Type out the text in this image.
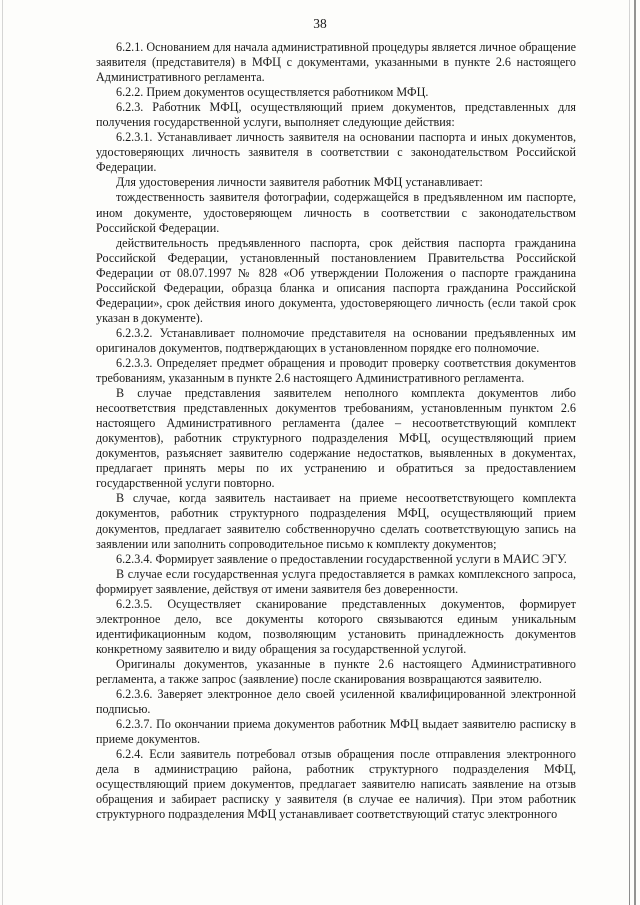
38

6.2.1. Основанием для начала административной процедуры является личное обращение заявителя (представителя) в МФЦ с документами, указанными в пункте 2.6 настоящего Административного регламента.

6.2.2. Прием документов осуществляется работником МФЦ.

6.2.3. Работник МФЦ, осуществляющий прием документов, представленных для получения государственной услуги, выполняет следующие действия:

6.2.3.1. Устанавливает личность заявителя на основании паспорта и иных документов, удостоверяющих личность заявителя в соответствии с законодательством Российской Федерации.

Для удостоверения личности заявителя работник МФЦ устанавливает:

тождественность заявителя фотографии, содержащейся в предъявленном им паспорте, ином документе, удостоверяющем личность в соответствии с законодательством Российской Федерации.

действительность предъявленного паспорта, срок действия паспорта гражданина Российской Федерации, установленный постановлением Правительства Российской Федерации от 08.07.1997 № 828 «Об утверждении Положения о паспорте гражданина Российской Федерации, образца бланка и описания паспорта гражданина Российской Федерации», срок действия иного документа, удостоверяющего личность (если такой срок указан в документе).

6.2.3.2. Устанавливает полномочие представителя на основании предъявленных им оригиналов документов, подтверждающих в установленном порядке его полномочие.

6.2.3.3. Определяет предмет обращения и проводит проверку соответствия документов требованиям, указанным в пункте 2.6 настоящего Административного регламента.

В случае представления заявителем неполного комплекта документов либо несоответствия представленных документов требованиям, установленным пунктом 2.6 настоящего Административного регламента (далее – несоответствующий комплект документов), работник структурного подразделения МФЦ, осуществляющий прием документов, разъясняет заявителю содержание недостатков, выявленных в документах, предлагает принять меры по их устранению и обратиться за предоставлением государственной услуги повторно.

В случае, когда заявитель настаивает на приеме несоответствующего комплекта документов, работник структурного подразделения МФЦ, осуществляющий прием документов, предлагает заявителю собственноручно сделать соответствующую запись на заявлении или заполнить сопроводительное письмо к комплекту документов;

6.2.3.4. Формирует заявление о предоставлении государственной услуги в МАИС ЭГУ.

В случае если государственная услуга предоставляется в рамках комплексного запроса, формирует заявление, действуя от имени заявителя без доверенности.

6.2.3.5. Осуществляет сканирование представленных документов, формирует электронное дело, все документы которого связываются единым уникальным идентификационным кодом, позволяющим установить принадлежность документов конкретному заявителю и виду обращения за государственной услугой.

Оригиналы документов, указанные в пункте 2.6 настоящего Административного регламента, а также запрос (заявление) после сканирования возвращаются заявителю.

6.2.3.6. Заверяет электронное дело своей усиленной квалифицированной электронной подписью.

6.2.3.7. По окончании приема документов работник МФЦ выдает заявителю расписку в приеме документов.

6.2.4. Если заявитель потребовал отзыв обращения после отправления электронного дела в администрацию района, работник структурного подразделения МФЦ, осуществляющий прием документов, предлагает заявителю написать заявление на отзыв обращения и забирает расписку у заявителя (в случае ее наличия). При этом работник структурного подразделения МФЦ устанавливает соответствующий статус электронного
